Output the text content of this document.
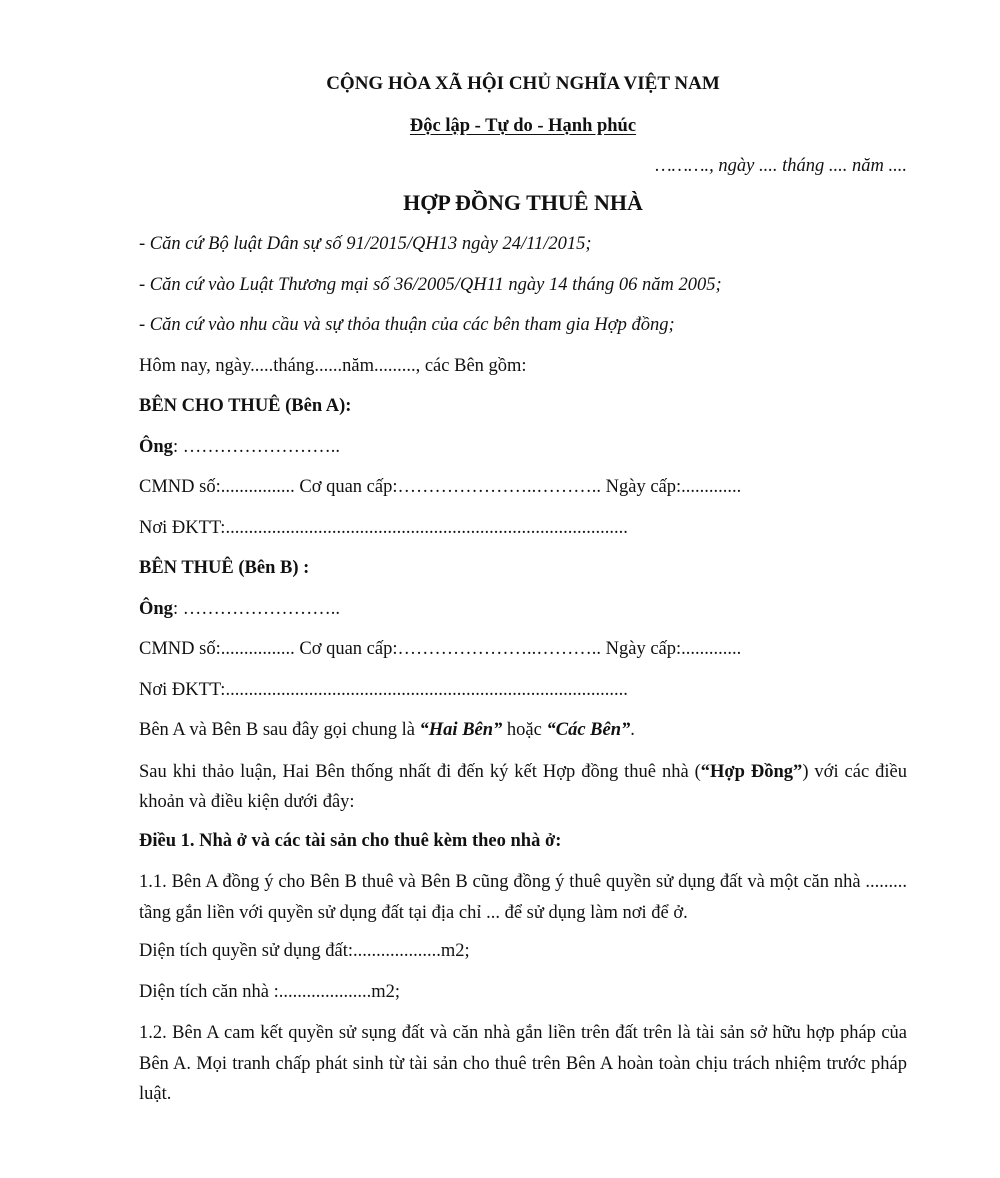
CỘNG HÒA XÃ HỘI CHỦ NGHĨA VIỆT NAM
Độc lập - Tự do - Hạnh phúc
………., ngày .... tháng .... năm ....
HỢP ĐỒNG THUÊ NHÀ
- Căn cứ Bộ luật Dân sự số 91/2015/QH13 ngày 24/11/2015;
- Căn cứ vào Luật Thương mại số 36/2005/QH11 ngày 14 tháng 06 năm 2005;
- Căn cứ vào nhu cầu và sự thỏa thuận của các bên tham gia Hợp đồng;
Hôm nay, ngày.....tháng......năm........., các Bên gồm:
BÊN CHO THUÊ (Bên A):
Ông: ……………………..
CMND số:................ Cơ quan cấp:…………………..……….. Ngày cấp:.............
Nơi ĐKTT:.......................................................................................
BÊN THUÊ (Bên B) :
Ông: ……………………..
CMND số:................ Cơ quan cấp:…………………..……….. Ngày cấp:.............
Nơi ĐKTT:.......................................................................................
Bên A và Bên B sau đây gọi chung là “Hai Bên” hoặc “Các Bên”.
Sau khi thảo luận, Hai Bên thống nhất đi đến ký kết Hợp đồng thuê nhà (“Hợp Đồng”) với các điều khoản và điều kiện dưới đây:
Điều 1. Nhà ở và các tài sản cho thuê kèm theo nhà ở:
1.1. Bên A đồng ý cho Bên B thuê và Bên B cũng đồng ý thuê quyền sử dụng đất và một căn nhà ......... tầng gắn liền với quyền sử dụng đất tại địa chỉ ... để sử dụng làm nơi để ở.
Diện tích quyền sử dụng đất:...................m2;
Diện tích căn nhà :....................m2;
1.2. Bên A cam kết quyền sử sụng đất và căn nhà gắn liền trên đất trên là tài sản sở hữu hợp pháp của Bên A. Mọi tranh chấp phát sinh từ tài sản cho thuê trên Bên A hoàn toàn chịu trách nhiệm trước pháp luật.
